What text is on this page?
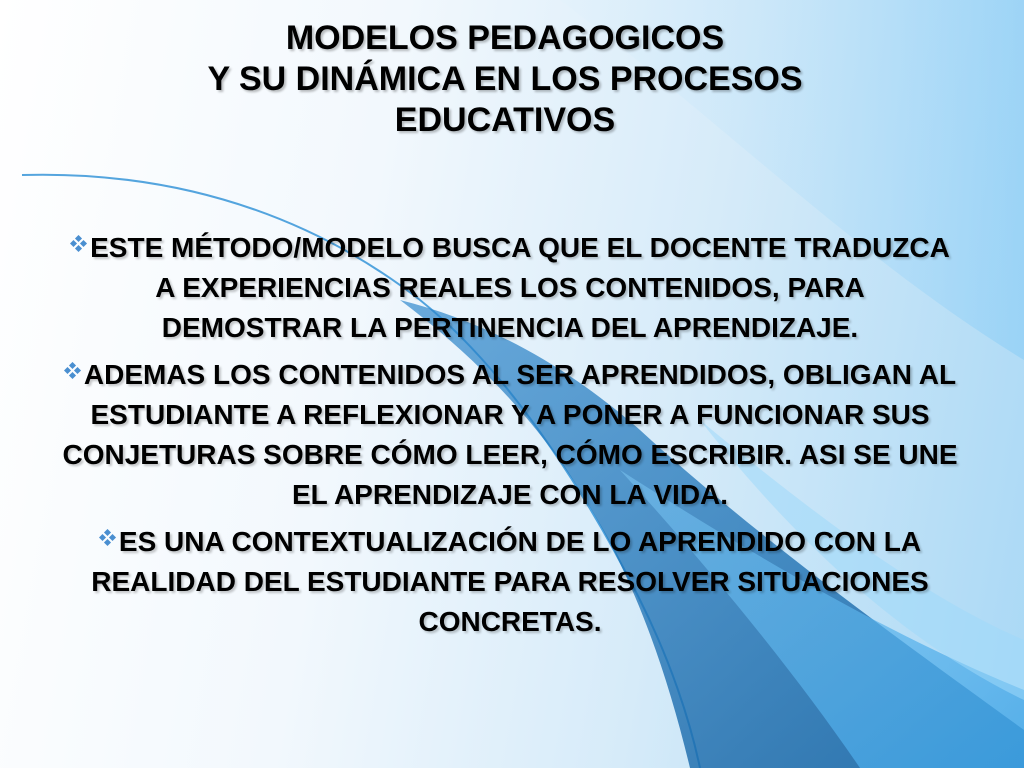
MODELOS PEDAGOGICOS
Y SU DINÁMICA EN LOS PROCESOS
EDUCATIVOS
ESTE MÉTODO/MODELO BUSCA QUE EL DOCENTE TRADUZCA A EXPERIENCIAS REALES LOS CONTENIDOS, PARA DEMOSTRAR LA PERTINENCIA DEL APRENDIZAJE.
ADEMAS LOS CONTENIDOS AL SER APRENDIDOS, OBLIGAN AL ESTUDIANTE A REFLEXIONAR Y A PONER A FUNCIONAR SUS CONJETURAS SOBRE CÓMO LEER, CÓMO ESCRIBIR. ASI SE UNE EL APRENDIZAJE CON LA VIDA.
ES UNA CONTEXTUALIZACIÓN DE LO APRENDIDO CON LA REALIDAD DEL ESTUDIANTE PARA RESOLVER SITUACIONES CONCRETAS.
